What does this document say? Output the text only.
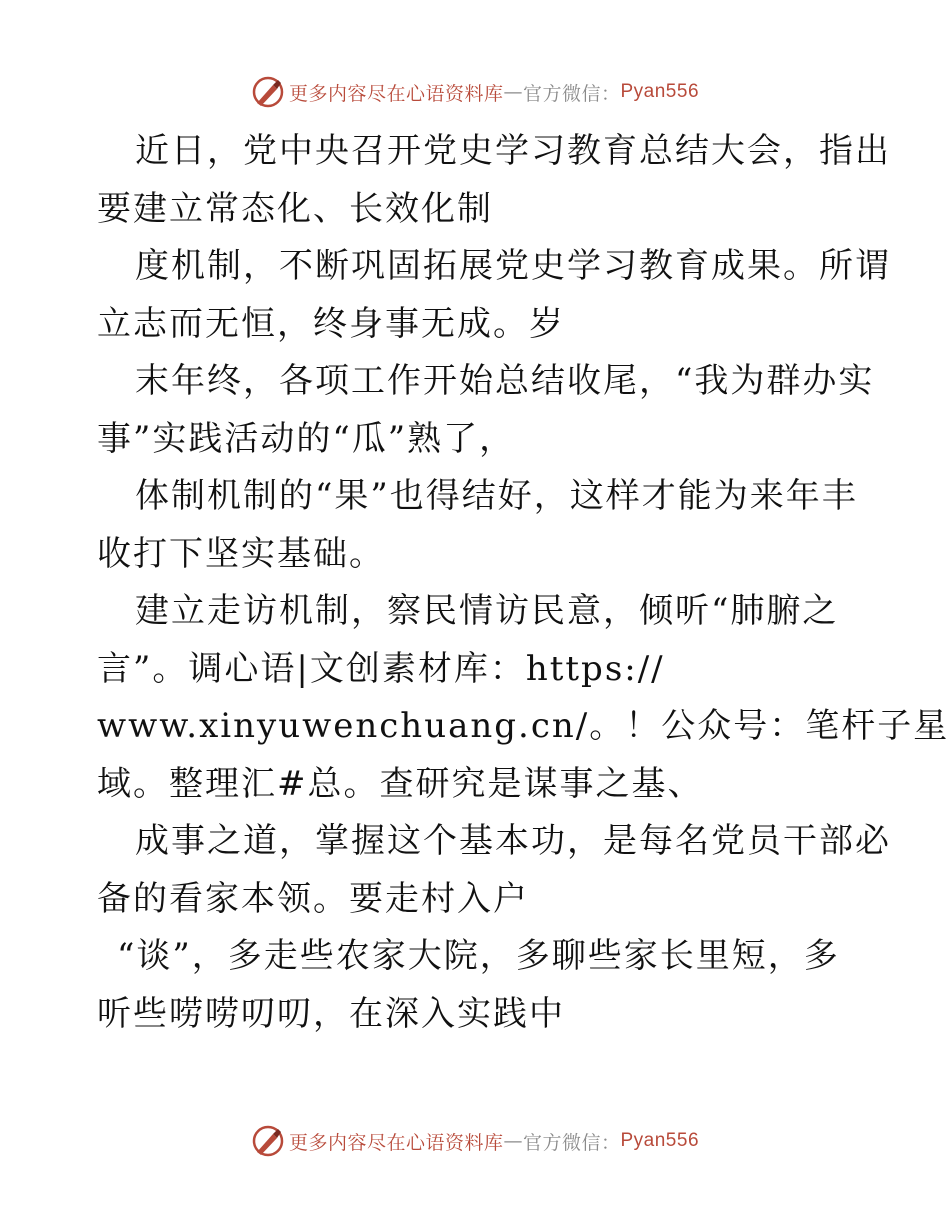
更多内容尽在心语资料库 — 官方微信： Pyan556

近日，党中央召开党史学习教育总结大会，指出
要建立常态化、长效化制

度机制，不断巩固拓展党史学习教育成果。所谓
立志而无恒，终身事无成。岁

末年终，各项工作开始总结收尾，“我为群办实
事”实践活动的“瓜”熟了，

体制机制的“果”也得结好，这样才能为来年丰
收打下坚实基础。

建立走访机制，察民情访民意，倾听“肺腑之
言”。调心语|文创素材库：https://
www.xinyuwenchuang.cn/。！公众号：笔杆子星
域。整理汇#总。查研究是谋事之基、

成事之道，掌握这个基本功，是每名党员干部必
备的看家本领。要走村入户

“谈”，多走些农家大院，多聊些家长里短，多
听些唠唠叨叨，在深入实践中

更多内容尽在心语资料库 — 官方微信： Pyan556
